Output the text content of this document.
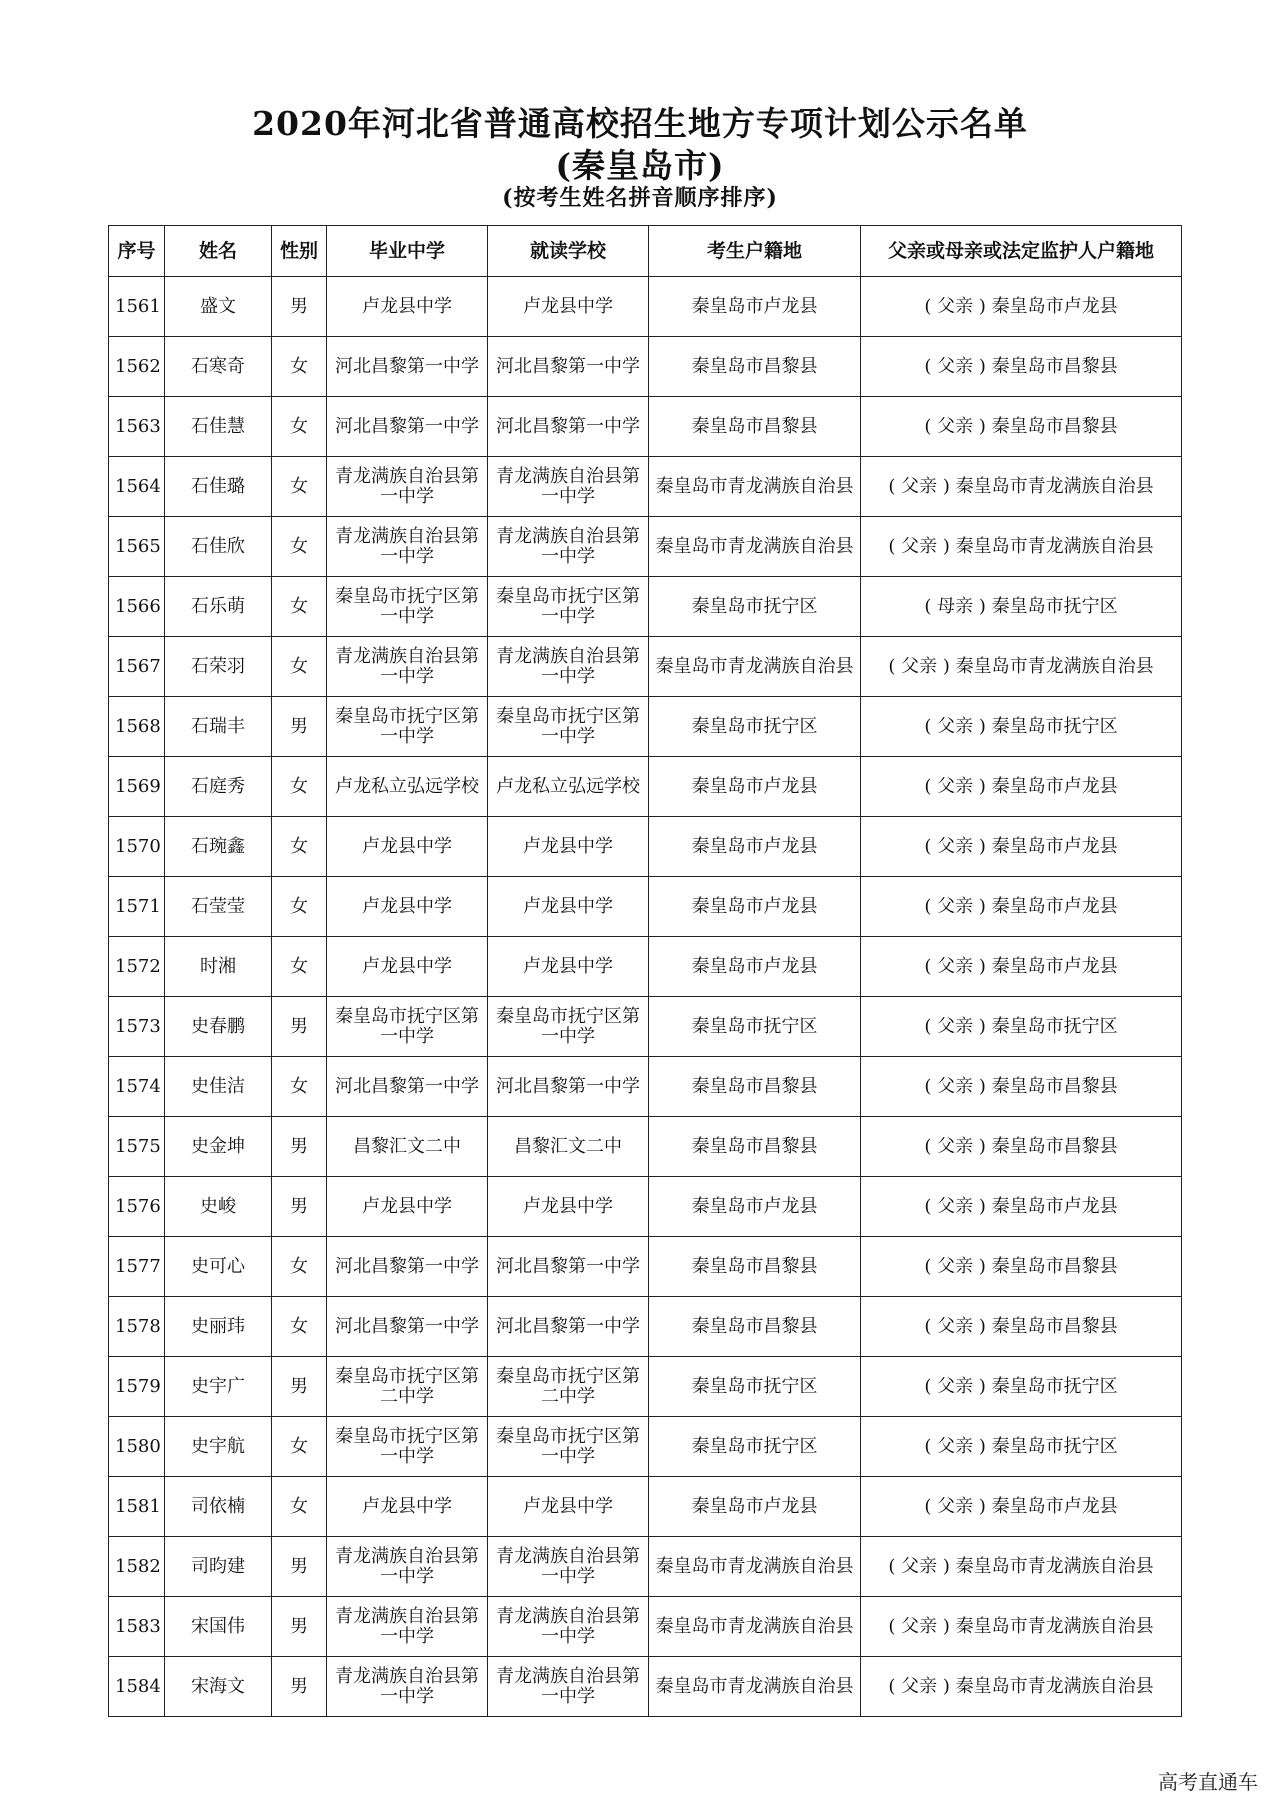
2020年河北省普通高校招生地方专项计划公示名单
(秦皇岛市)
(按考生姓名拼音顺序排序)
序号	姓名	性别	毕业中学	就读学校	考生户籍地	父亲或母亲或法定监护人户籍地
1561	盛文	男	卢龙县中学	卢龙县中学	秦皇岛市卢龙县	( 父亲 ) 秦皇岛市卢龙县
1562	石寒奇	女	河北昌黎第一中学	河北昌黎第一中学	秦皇岛市昌黎县	( 父亲 ) 秦皇岛市昌黎县
1563	石佳慧	女	河北昌黎第一中学	河北昌黎第一中学	秦皇岛市昌黎县	( 父亲 ) 秦皇岛市昌黎县
1564	石佳璐	女	青龙满族自治县第一中学	青龙满族自治县第一中学	秦皇岛市青龙满族自治县	( 父亲 ) 秦皇岛市青龙满族自治县
1565	石佳欣	女	青龙满族自治县第一中学	青龙满族自治县第一中学	秦皇岛市青龙满族自治县	( 父亲 ) 秦皇岛市青龙满族自治县
1566	石乐萌	女	秦皇岛市抚宁区第一中学	秦皇岛市抚宁区第一中学	秦皇岛市抚宁区	( 母亲 ) 秦皇岛市抚宁区
1567	石荣羽	女	青龙满族自治县第一中学	青龙满族自治县第一中学	秦皇岛市青龙满族自治县	( 父亲 ) 秦皇岛市青龙满族自治县
1568	石瑞丰	男	秦皇岛市抚宁区第一中学	秦皇岛市抚宁区第一中学	秦皇岛市抚宁区	( 父亲 ) 秦皇岛市抚宁区
1569	石庭秀	女	卢龙私立弘远学校	卢龙私立弘远学校	秦皇岛市卢龙县	( 父亲 ) 秦皇岛市卢龙县
1570	石琬鑫	女	卢龙县中学	卢龙县中学	秦皇岛市卢龙县	( 父亲 ) 秦皇岛市卢龙县
1571	石莹莹	女	卢龙县中学	卢龙县中学	秦皇岛市卢龙县	( 父亲 ) 秦皇岛市卢龙县
1572	时湘	女	卢龙县中学	卢龙县中学	秦皇岛市卢龙县	( 父亲 ) 秦皇岛市卢龙县
1573	史春鹏	男	秦皇岛市抚宁区第一中学	秦皇岛市抚宁区第一中学	秦皇岛市抚宁区	( 父亲 ) 秦皇岛市抚宁区
1574	史佳洁	女	河北昌黎第一中学	河北昌黎第一中学	秦皇岛市昌黎县	( 父亲 ) 秦皇岛市昌黎县
1575	史金坤	男	昌黎汇文二中	昌黎汇文二中	秦皇岛市昌黎县	( 父亲 ) 秦皇岛市昌黎县
1576	史峻	男	卢龙县中学	卢龙县中学	秦皇岛市卢龙县	( 父亲 ) 秦皇岛市卢龙县
1577	史可心	女	河北昌黎第一中学	河北昌黎第一中学	秦皇岛市昌黎县	( 父亲 ) 秦皇岛市昌黎县
1578	史丽玮	女	河北昌黎第一中学	河北昌黎第一中学	秦皇岛市昌黎县	( 父亲 ) 秦皇岛市昌黎县
1579	史宇广	男	秦皇岛市抚宁区第二中学	秦皇岛市抚宁区第二中学	秦皇岛市抚宁区	( 父亲 ) 秦皇岛市抚宁区
1580	史宇航	女	秦皇岛市抚宁区第一中学	秦皇岛市抚宁区第一中学	秦皇岛市抚宁区	( 父亲 ) 秦皇岛市抚宁区
1581	司依楠	女	卢龙县中学	卢龙县中学	秦皇岛市卢龙县	( 父亲 ) 秦皇岛市卢龙县
1582	司昀建	男	青龙满族自治县第一中学	青龙满族自治县第一中学	秦皇岛市青龙满族自治县	( 父亲 ) 秦皇岛市青龙满族自治县
1583	宋国伟	男	青龙满族自治县第一中学	青龙满族自治县第一中学	秦皇岛市青龙满族自治县	( 父亲 ) 秦皇岛市青龙满族自治县
1584	宋海文	男	青龙满族自治县第一中学	青龙满族自治县第一中学	秦皇岛市青龙满族自治县	( 父亲 ) 秦皇岛市青龙满族自治县
高考直通车
